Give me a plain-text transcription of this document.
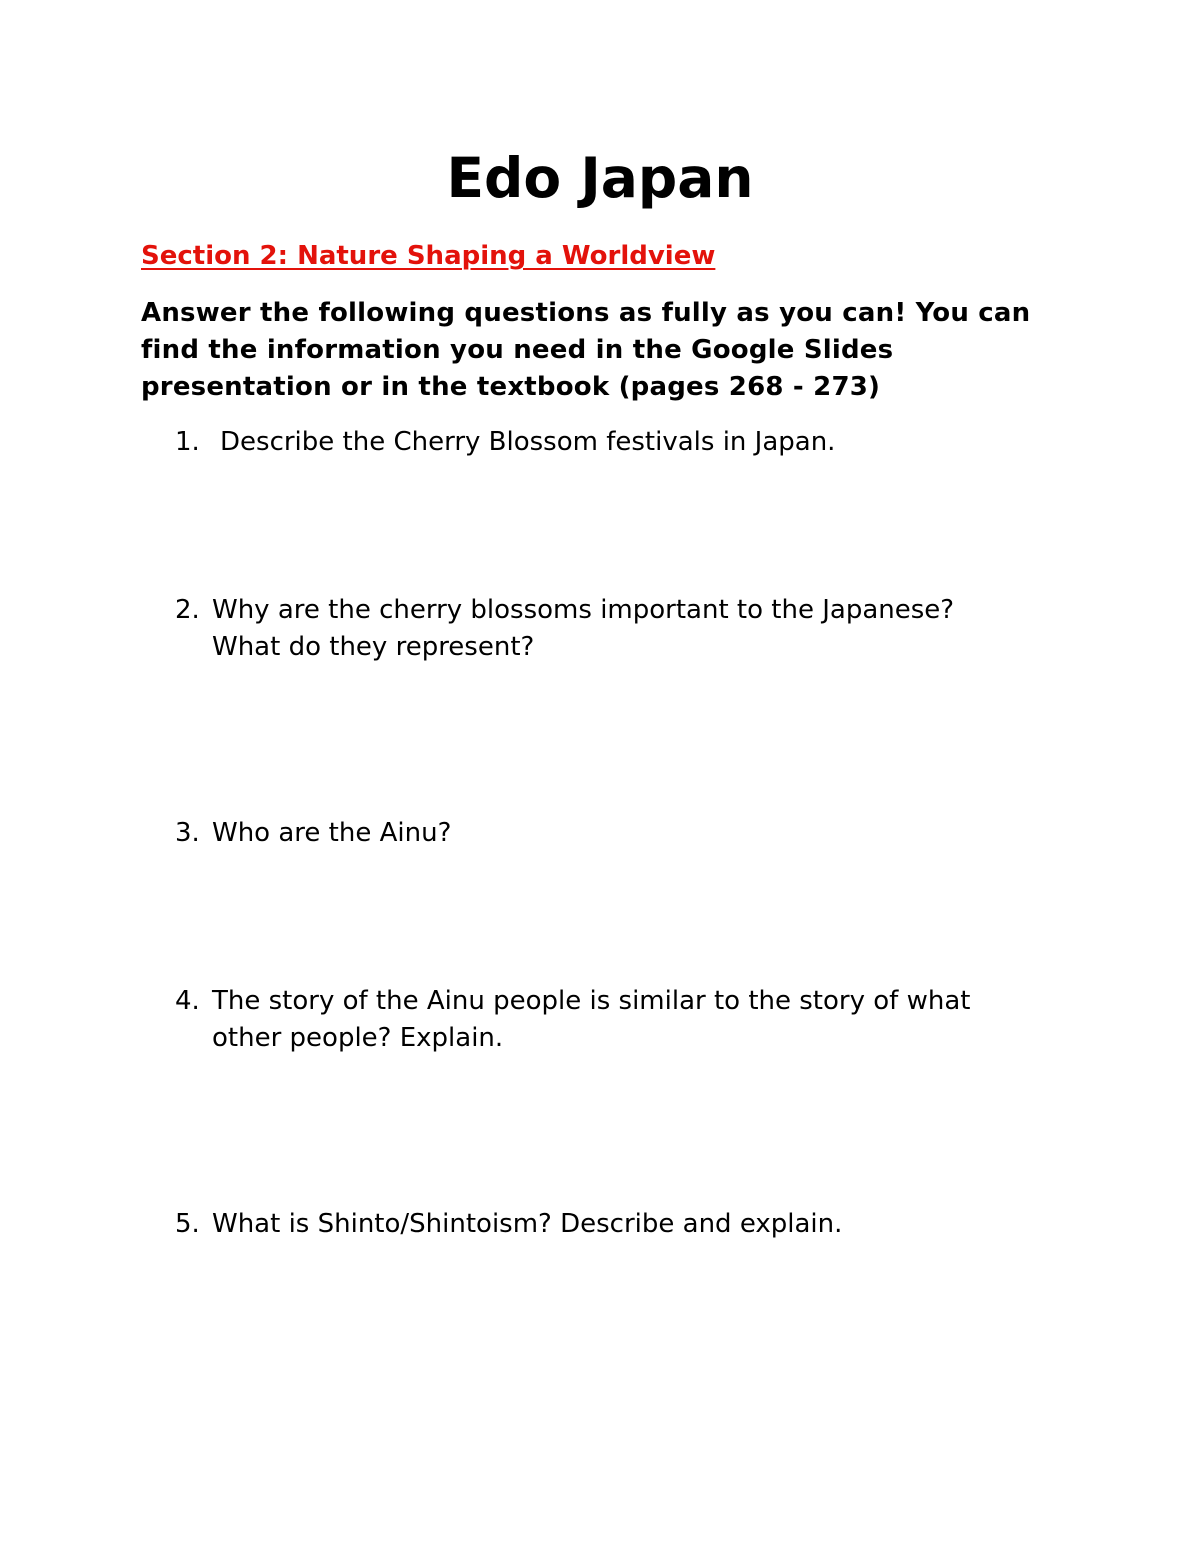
Edo Japan

Section 2: Nature Shaping a Worldview

Answer the following questions as fully as you can! You can find the information you need in the Google Slides presentation or in the textbook (pages 268 - 273)

1. Describe the Cherry Blossom festivals in Japan.
2. Why are the cherry blossoms important to the Japanese? What do they represent?
3. Who are the Ainu?
4. The story of the Ainu people is similar to the story of what other people? Explain.
5. What is Shinto/Shintoism? Describe and explain.
